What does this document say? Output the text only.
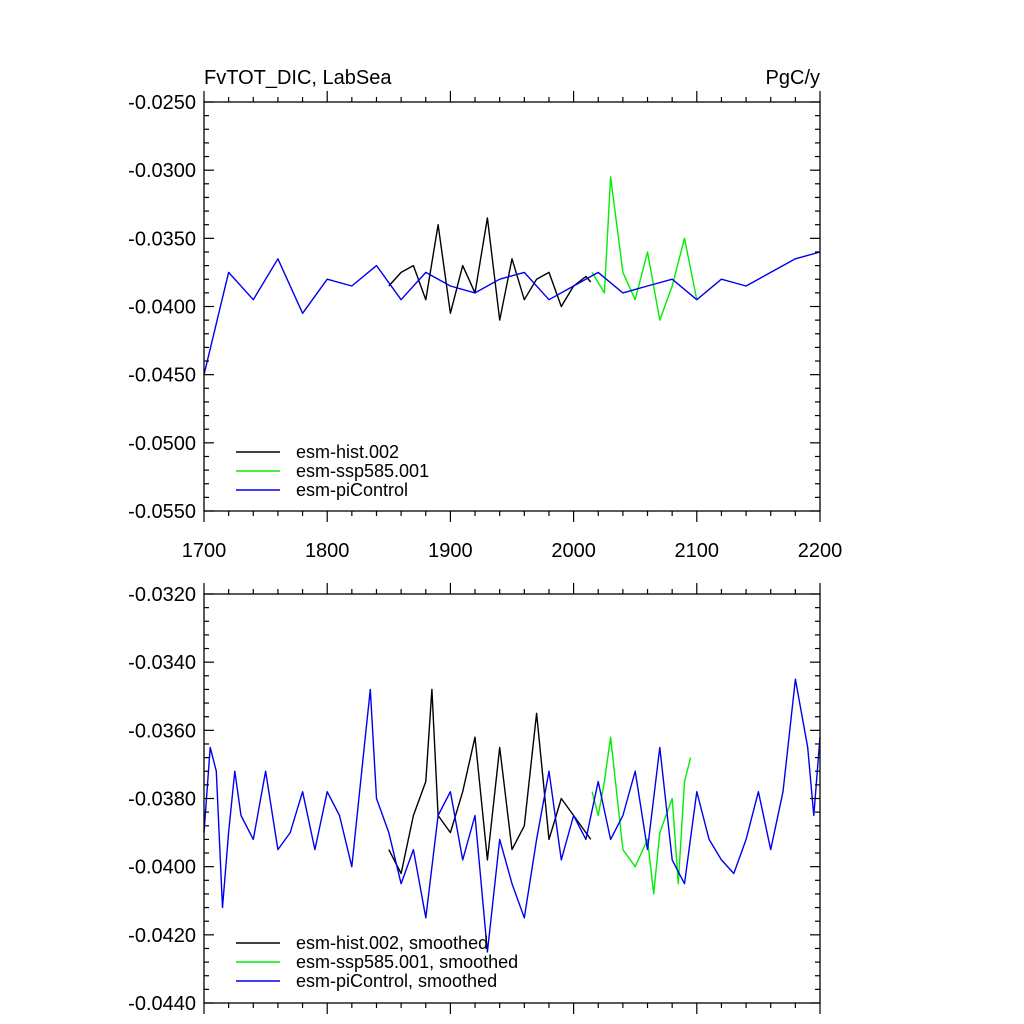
FvTOT_DIC, LabSea	PgC/y
-0.0250
-0.0300
-0.0350
-0.0400
-0.0450
-0.0500
-0.0550
1700	1800	1900	2000	2100	2200
esm-hist.002
esm-ssp585.001
esm-piControl
-0.0320
-0.0340
-0.0360
-0.0380
-0.0400
-0.0420
-0.0440
esm-hist.002, smoothed
esm-ssp585.001, smoothed
esm-piControl, smoothed
